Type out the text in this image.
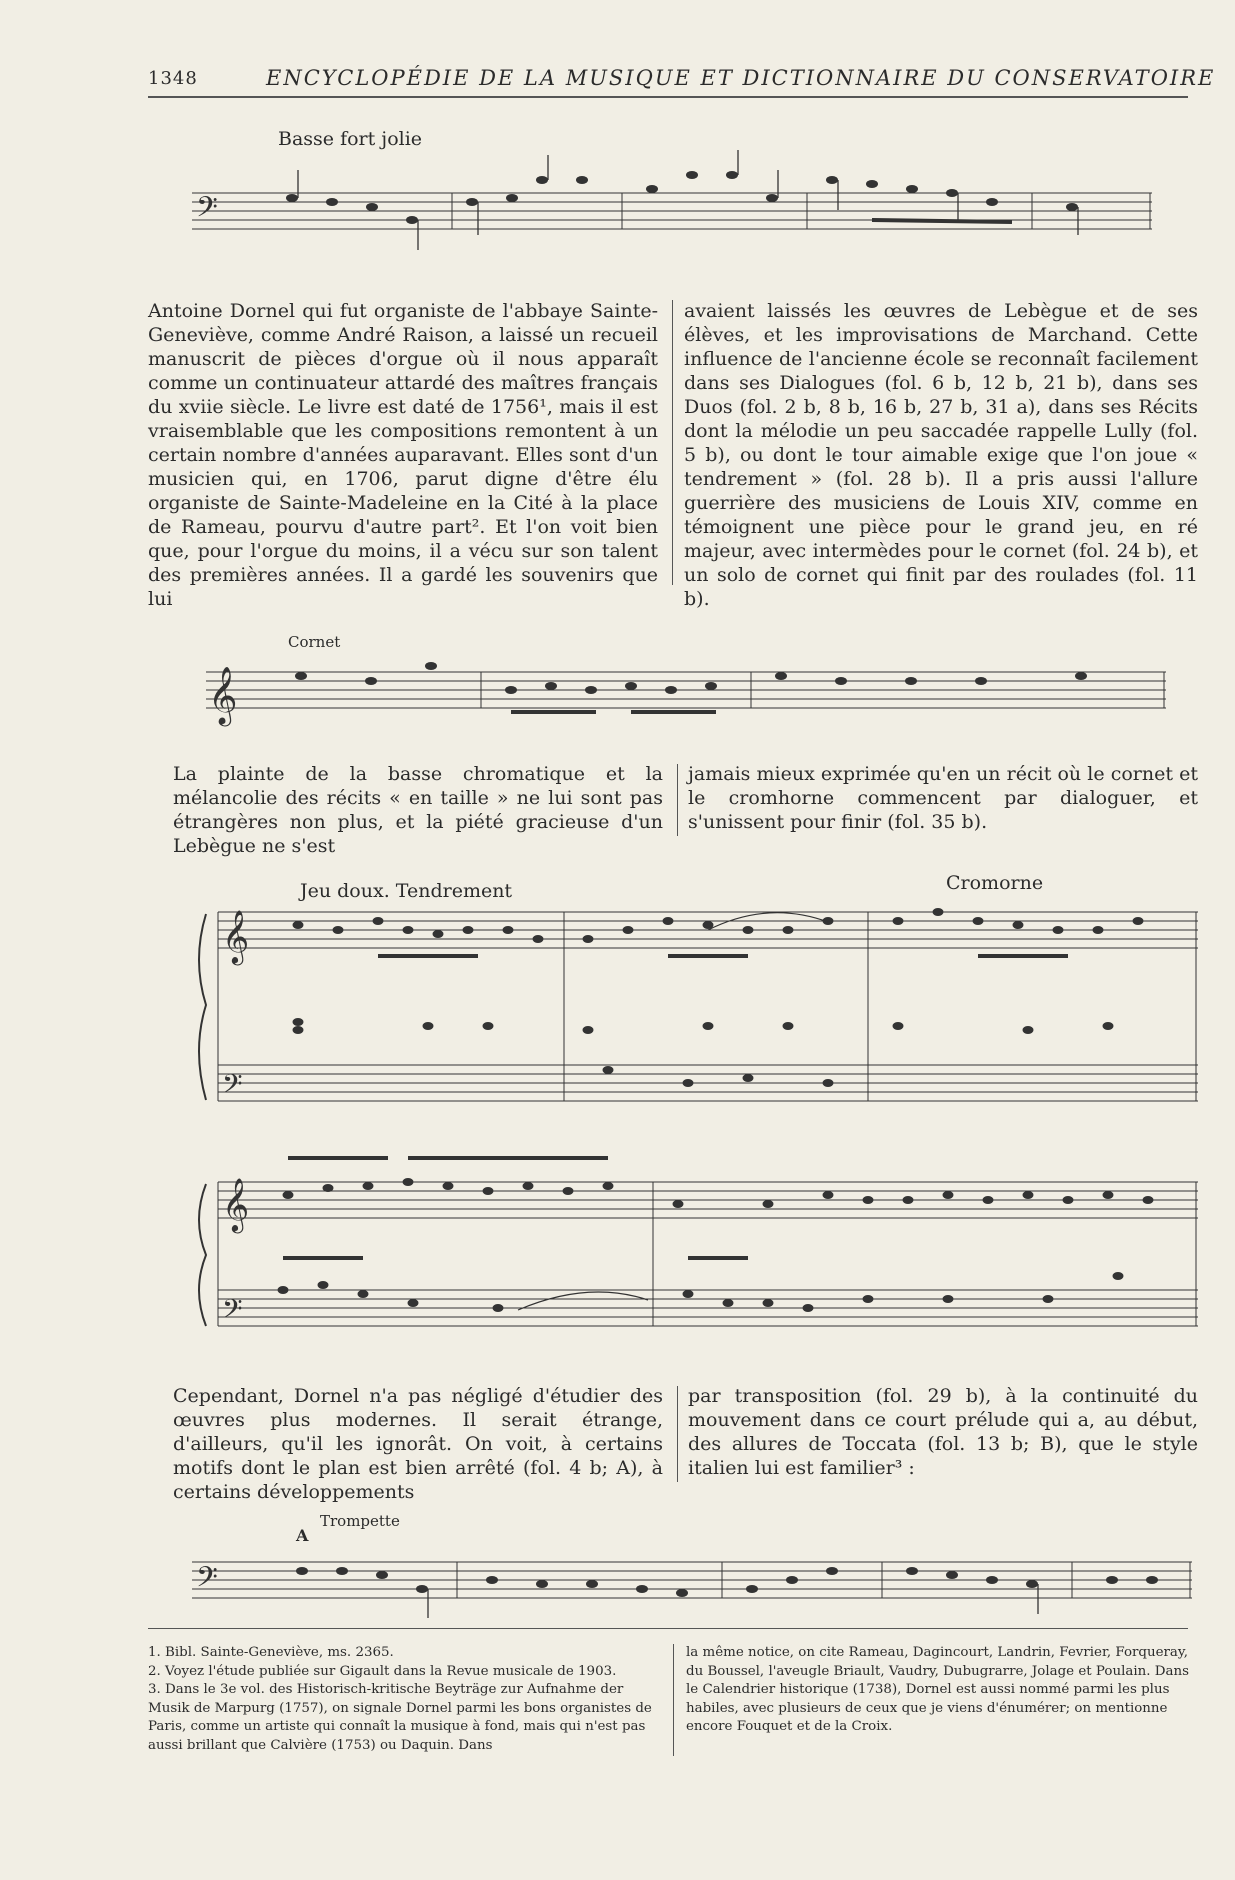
1348	ENCYCLOPÉDIE DE LA MUSIQUE ET DICTIONNAIRE DU CONSERVATOIRE
Basse fort jolie
𝄢

Antoine Dornel qui fut organiste de l'abbaye Sainte-Geneviève, comme André Raison, a laissé un recueil manuscrit de pièces d'orgue où il nous apparaît comme un continuateur attardé des maîtres français du xviie siècle. Le livre est daté de 1756¹, mais il est vraisemblable que les compositions remontent à un certain nombre d'années auparavant. Elles sont d'un musicien qui, en 1706, parut digne d'être élu organiste de Sainte-Madeleine en la Cité à la place de Rameau, pourvu d'autre part². Et l'on voit bien que, pour l'orgue du moins, il a vécu sur son talent des premières années. Il a gardé les souvenirs que lui

avaient laissés les œuvres de Lebègue et de ses élèves, et les improvisations de Marchand. Cette influence de l'ancienne école se reconnaît facilement dans ses Dialogues (fol. 6 b, 12 b, 21 b), dans ses Duos (fol. 2 b, 8 b, 16 b, 27 b, 31 a), dans ses Récits dont la mélodie un peu saccadée rappelle Lully (fol. 5 b), ou dont le tour aimable exige que l'on joue « tendrement » (fol. 28 b). Il a pris aussi l'allure guerrière des musiciens de Louis XIV, comme en témoignent une pièce pour le grand jeu, en ré majeur, avec intermèdes pour le cornet (fol. 24 b), et un solo de cornet qui finit par des roulades (fol. 11 b).

Cornet
𝄞

La plainte de la basse chromatique et la mélancolie des récits « en taille » ne lui sont pas étrangères non plus, et la piété gracieuse d'un Lebègue ne s'est

jamais mieux exprimée qu'en un récit où le cornet et le cromhorne commencent par dialoguer, et s'unissent pour finir (fol. 35 b).

Jeu doux. Tendrement	Cromorne
𝄞
𝄢
𝄞
𝄢

Cependant, Dornel n'a pas négligé d'étudier des œuvres plus modernes. Il serait étrange, d'ailleurs, qu'il les ignorât. On voit, à certains motifs dont le plan est bien arrêté (fol. 4 b; A), à certains développements

par transposition (fol. 29 b), à la continuité du mouvement dans ce court prélude qui a, au début, des allures de Toccata (fol. 13 b; B), que le style italien lui est familier³ :

Trompette
A
𝄢

1. Bibl. Sainte-Geneviève, ms. 2365.

2. Voyez l'étude publiée sur Gigault dans la Revue musicale de 1903.

3. Dans le 3e vol. des Historisch-kritische Beyträge zur Aufnahme der Musik de Marpurg (1757), on signale Dornel parmi les bons organistes de Paris, comme un artiste qui connaît la musique à fond, mais qui n'est pas aussi brillant que Calvière (1753) ou Daquin. Dans

la même notice, on cite Rameau, Dagincourt, Landrin, Fevrier, Forqueray, du Boussel, l'aveugle Briault, Vaudry, Dubugrarre, Jolage et Poulain. Dans le Calendrier historique (1738), Dornel est aussi nommé parmi les plus habiles, avec plusieurs de ceux que je viens d'énumérer; on mentionne encore Fouquet et de la Croix.
